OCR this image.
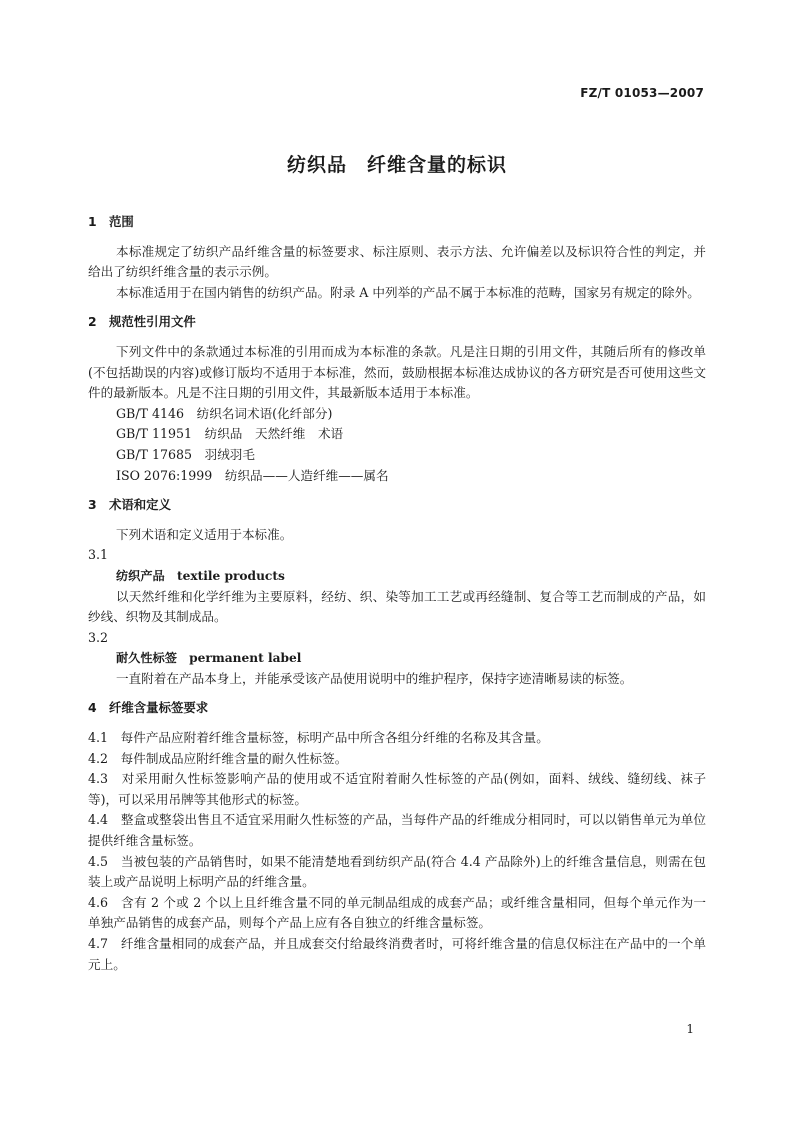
FZ/T 01053—2007
纺织品　纤维含量的标识
1　范围

本标准规定了纺织产品纤维含量的标签要求、标注原则、表示方法、允许偏差以及标识符合性的判定，并给出了纺织纤维含量的表示示例。

本标准适用于在国内销售的纺织产品。附录 A 中列举的产品不属于本标准的范畴，国家另有规定的除外。

2　规范性引用文件

下列文件中的条款通过本标准的引用而成为本标准的条款。凡是注日期的引用文件，其随后所有的修改单(不包括勘误的内容)或修订版均不适用于本标准，然而，鼓励根据本标准达成协议的各方研究是否可使用这些文件的最新版本。凡是不注日期的引用文件，其最新版本适用于本标准。

GB/T 4146　纺织名词术语(化纤部分)

GB/T 11951　纺织品　天然纤维　术语

GB/T 17685　羽绒羽毛

ISO 2076:1999　纺织品——人造纤维——属名

3　术语和定义

下列术语和定义适用于本标准。

3.1

纺织产品　 textile products

以天然纤维和化学纤维为主要原料，经纺、织、染等加工工艺或再经缝制、复合等工艺而制成的产品，如纱线、织物及其制成品。

3.2

耐久性标签　 permanent label

一直附着在产品本身上，并能承受该产品使用说明中的维护程序，保持字迹清晰易读的标签。

4　纤维含量标签要求

4.1　 每件产品应附着纤维含量标签，标明产品中所含各组分纤维的名称及其含量。

4.2　 每件制成品应附纤维含量的耐久性标签。

4.3　 对采用耐久性标签影响产品的使用或不适宜附着耐久性标签的产品(例如，面料、绒线、缝纫线、袜子等)，可以采用吊牌等其他形式的标签。

4.4　 整盒或整袋出售且不适宜采用耐久性标签的产品，当每件产品的纤维成分相同时，可以以销售单元为单位提供纤维含量标签。

4.5　 当被包装的产品销售时，如果不能清楚地看到纺织产品(符合 4.4 产品除外)上的纤维含量信息，则需在包装上或产品说明上标明产品的纤维含量。

4.6　 含有 2 个或 2 个以上且纤维含量不同的单元制品组成的成套产品；或纤维含量相同，但每个单元作为一单独产品销售的成套产品，则每个产品上应有各自独立的纤维含量标签。

4.7　 纤维含量相同的成套产品，并且成套交付给最终消费者时，可将纤维含量的信息仅标注在产品中的一个单元上。

1
